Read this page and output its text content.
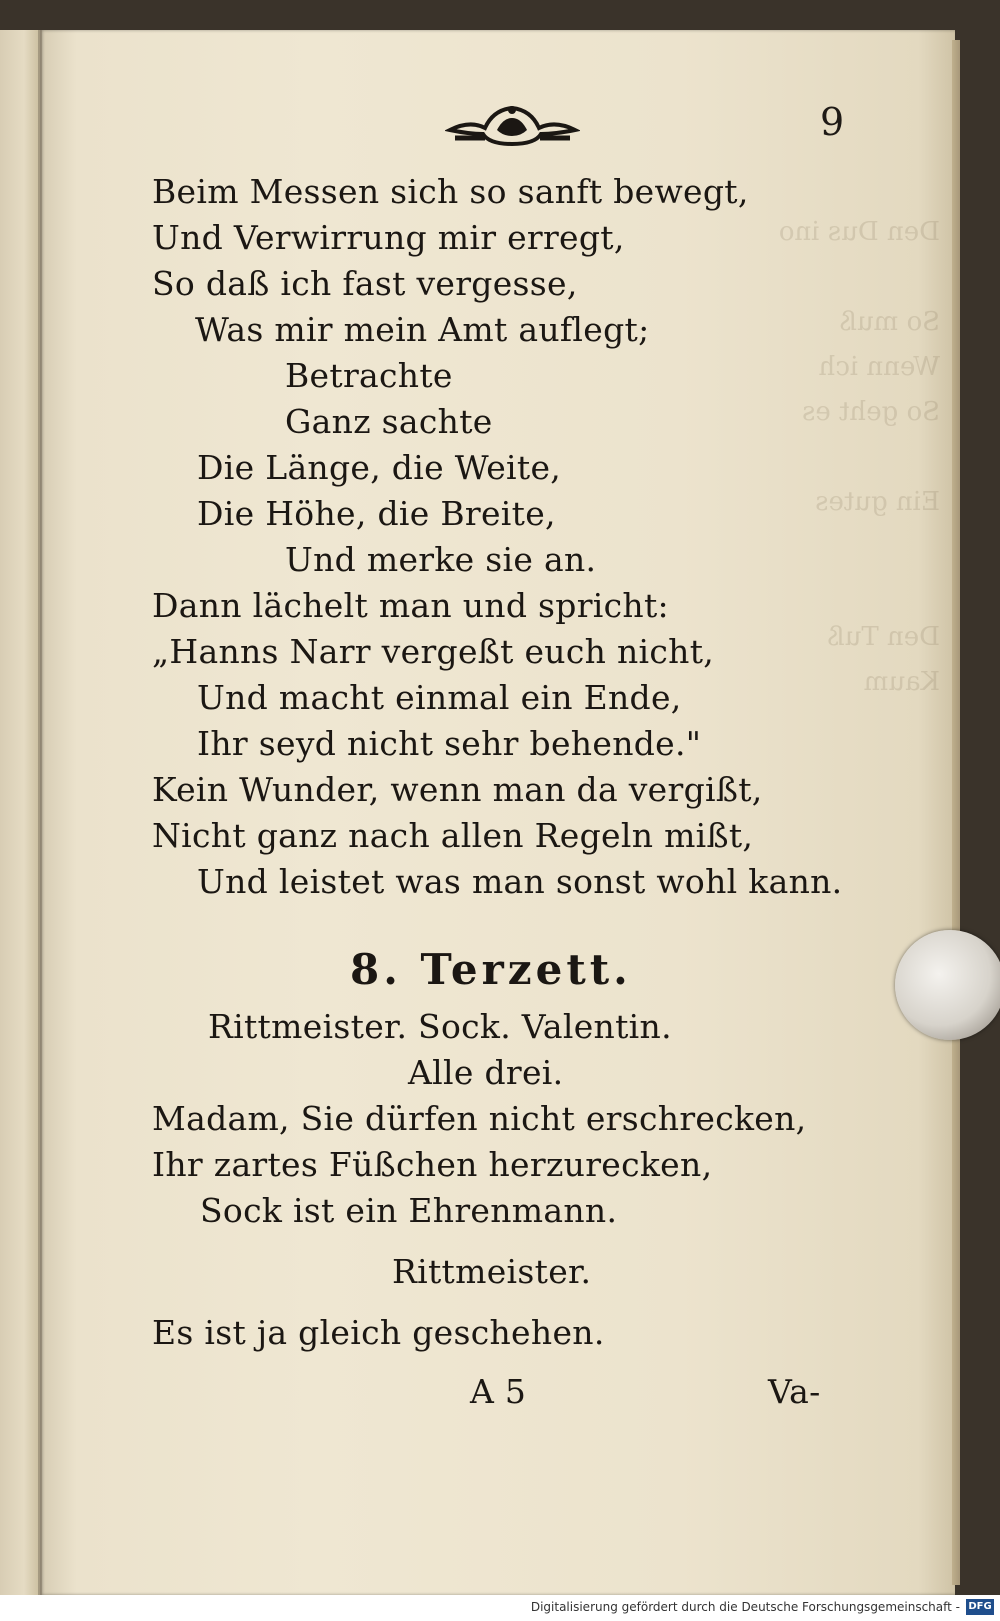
9
Den Dus ino

So muß
Wenn ich
So geht es

Ein gutes

Den Tuß
Kaum
Beim Messen sich so sanft bewegt,
Und Verwirrung mir erregt,
So daß ich fast vergesse,
Was mir mein Amt auflegt;
Betrachte
Ganz sachte
Die Länge, die Weite,
Die Höhe, die Breite,
Und merke sie an.
Dann lächelt man und spricht:
„Hanns Narr vergeßt euch nicht,
Und macht einmal ein Ende,
Ihr seyd nicht sehr behende."
Kein Wunder, wenn man da vergißt,
Nicht ganz nach allen Regeln mißt,
Und leistet was man sonst wohl kann.
8. Terzett.
Rittmeister. Sock. Valentin.
Alle drei.
Madam, Sie dürfen nicht erschrecken,
Ihr zartes Füßchen herzurecken,
Sock ist ein Ehrenmann.
Rittmeister.
Es ist ja gleich geschehen.
A 5	Va-
Digitalisierung gefördert durch die Deutsche Forschungsgemeinschaft - DFG
